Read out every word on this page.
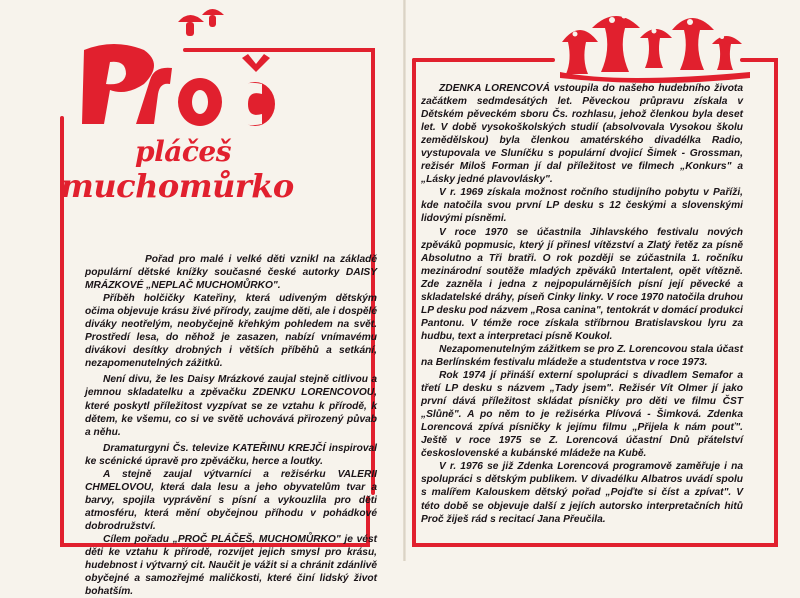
pláčeš
muchomůrko

Pořad pro malé i velké děti vznikl na základě populární dětské knížky současné české autorky DAISY MRÁZKOVÉ „NEPLAČ MUCHOMŮRKO".

Příběh holčičky Kateřiny, která udiveným dětským očima objevuje krásu živé přírody, zaujme děti, ale i dospělé diváky neotřelým, neobyčejně křehkým pohledem na svět. Prostředí lesa, do něhož je zasazen, nabízí vnímavému divákovi desítky drobných i větších příběhů a setkání, nezapomenutelných zážitků.

Není divu, že les Daisy Mrázkové zaujal stejně citlivou a jemnou skladatelku a zpěvačku ZDENKU LORENCOVOU, které poskytl příležitost vyzpívat se ze vztahu k přírodě, k dětem, ke všemu, co si ve světě uchovává přirozený půvab a něhu.

Dramaturgyni Čs. televize KATEŘINU KREJČÍ inspiroval ke scénické úpravě pro zpěváčku, herce a loutky.

A stejně zaujal výtvarníci a režisérku VALERII CHMELOVOU, která dala lesu a jeho obyvatelům tvar a barvy, spojila vyprávění s písní a vykouzlila pro děti atmosféru, která mění obyčejnou příhodu v pohádkové dobrodružství.

Cílem pořadu „PROČ PLÁČEŠ, MUCHOMŮRKO" je vést děti ke vztahu k přírodě, rozvíjet jejich smysl pro krásu, hudebnost i výtvarný cit. Naučit je vážit si a chránit zdánlivě obyčejné a samozřejmé maličkosti, které činí lidský život bohatším.

ZDENKA LORENCOVÁ vstoupila do našeho hudebního života začátkem sedmdesátých let. Pěveckou průpravu získala v Dětském pěveckém sboru Čs. rozhlasu, jehož členkou byla deset let. V době vysokoškolských studií (absolvovala Vysokou školu zemědělskou) byla členkou amatérského divadélka Radio, vystupovala ve Sluníčku s populární dvojicí Šimek - Grossman, režisér Miloš Forman jí dal příležitost ve filmech „Konkurs" a „Lásky jedné plavovlásky".

V r. 1969 získala možnost ročního studijního pobytu v Paříži, kde natočila svou první LP desku s 12 českými a slovenskými lidovými písněmi.

V roce 1970 se účastnila Jihlavského festivalu nových zpěváků popmusic, který jí přinesl vítězství a Zlatý řetěz za písně Absolutno a Tři bratři. O rok později se zúčastnila 1. ročníku mezinárodní soutěže mladých zpěváků Intertalent, opět vítězně. Zde zazněla i jedna z nejpopulárnějších písní její pěvecké a skladatelské dráhy, píseň Cinky linky. V roce 1970 natočila druhou LP desku pod názvem „Rosa canina", tentokrát v domácí produkci Pantonu. V témže roce získala stříbrnou Bratislavskou lyru za hudbu, text a interpretaci písně Koukol.

Nezapomenutelným zážitkem se pro Z. Lorencovou stala účast na Berlínském festivalu mládeže a studentstva v roce 1973.

Rok 1974 jí přináší externí spolupráci s divadlem Semafor a třetí LP desku s názvem „Tady jsem". Režisér Vít Olmer jí jako první dává příležitost skládat písničky pro děti ve filmu ČST „Slůně". A po něm to je režisérka Plívová - Šimková. Zdenka Lorencová zpívá písničky k jejímu filmu „Přijela k nám pouť". Ještě v roce 1975 se Z. Lorencová účastní Dnů přátelství československé a kubánské mládeže na Kubě.

V r. 1976 se již Zdenka Lorencová programově zaměřuje i na spolupráci s dětským publikem. V divadélku Albatros uvádí spolu s malířem Kalouskem dětský pořad „Pojďte si číst a zpívat". V této době se objevuje další z jejích autorsko interpretačních hitů Proč žiješ rád s recitací Jana Přeučila.
